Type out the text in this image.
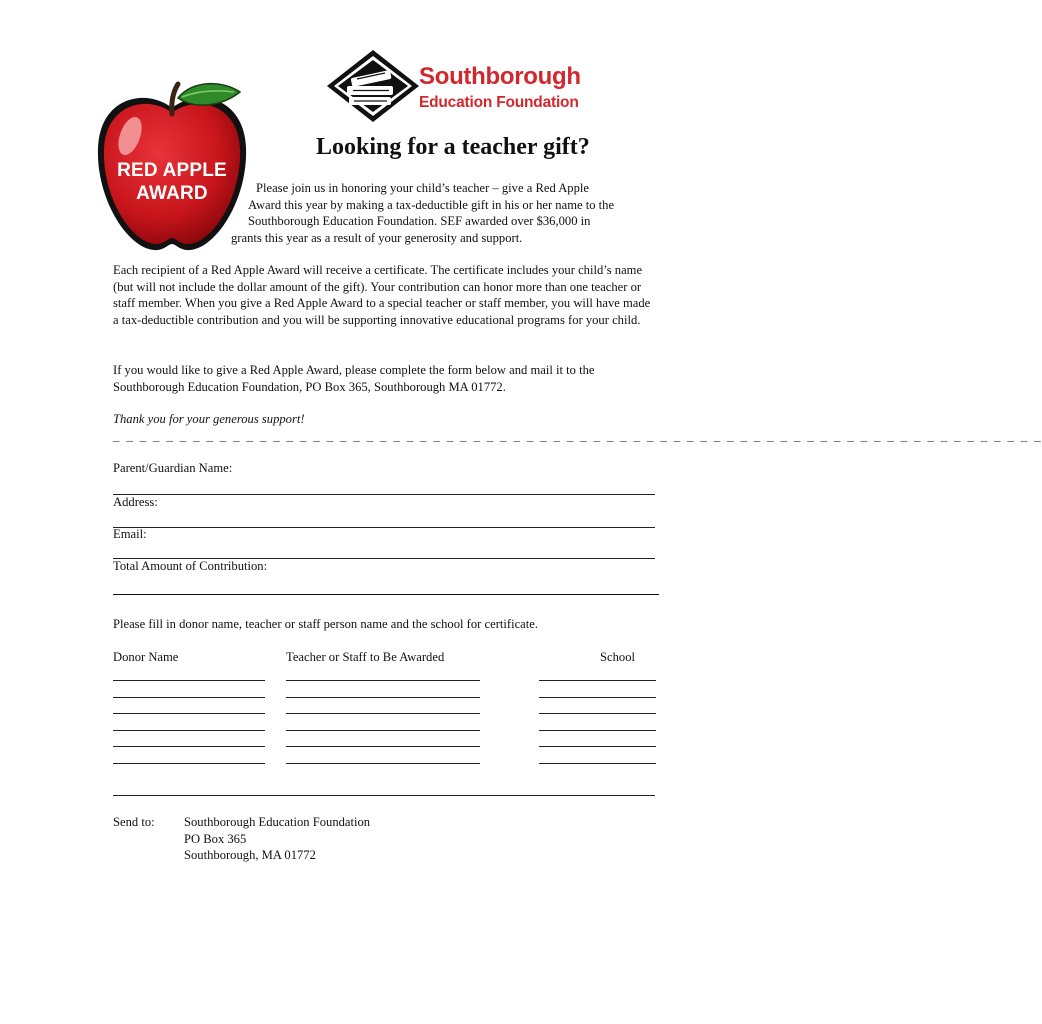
RED APPLE
AWARD
Southborough
Education Foundation
Looking for a teacher gift?
Please join us in honoring your child’s teacher – give a Red Apple
Award this year by making a tax-deductible gift in his or her name to the
Southborough Education Foundation. SEF awarded over $36,000 in
grants this year as a result of your generosity and support.
Each recipient of a Red Apple Award will receive a certificate. The certificate includes your child’s name (but will not include the dollar amount of the gift). Your contribution can honor more than one teacher or staff member. When you give a Red Apple Award to a special teacher or staff member, you will have made a tax-deductible contribution and you will be supporting innovative educational programs for your child.
If you would like to give a Red Apple Award, please complete the form below and mail it to the Southborough Education Foundation, PO Box 365, Southborough MA 01772.
Thank you for your generous support!
_ _ _ _ _ _ _ _ _ _ _ _ _ _ _ _ _ _ _ _ _ _ _ _ _ _ _ _ _ _ _ _ _ _ _ _ _ _ _ _ _ _ _ _ _ _ _ _ _ _ _ _ _ _ _ _ _ _ _ _ _ _ _ _ _ _ _ _ _ _
Parent/Guardian Name:
Address:
Email:
Total Amount of Contribution:
Please fill in donor name, teacher or staff person name and the school for certificate.
Donor Name	Teacher or Staff to Be Awarded	School
Send to: Southborough Education Foundation
PO Box 365
Southborough, MA 01772
